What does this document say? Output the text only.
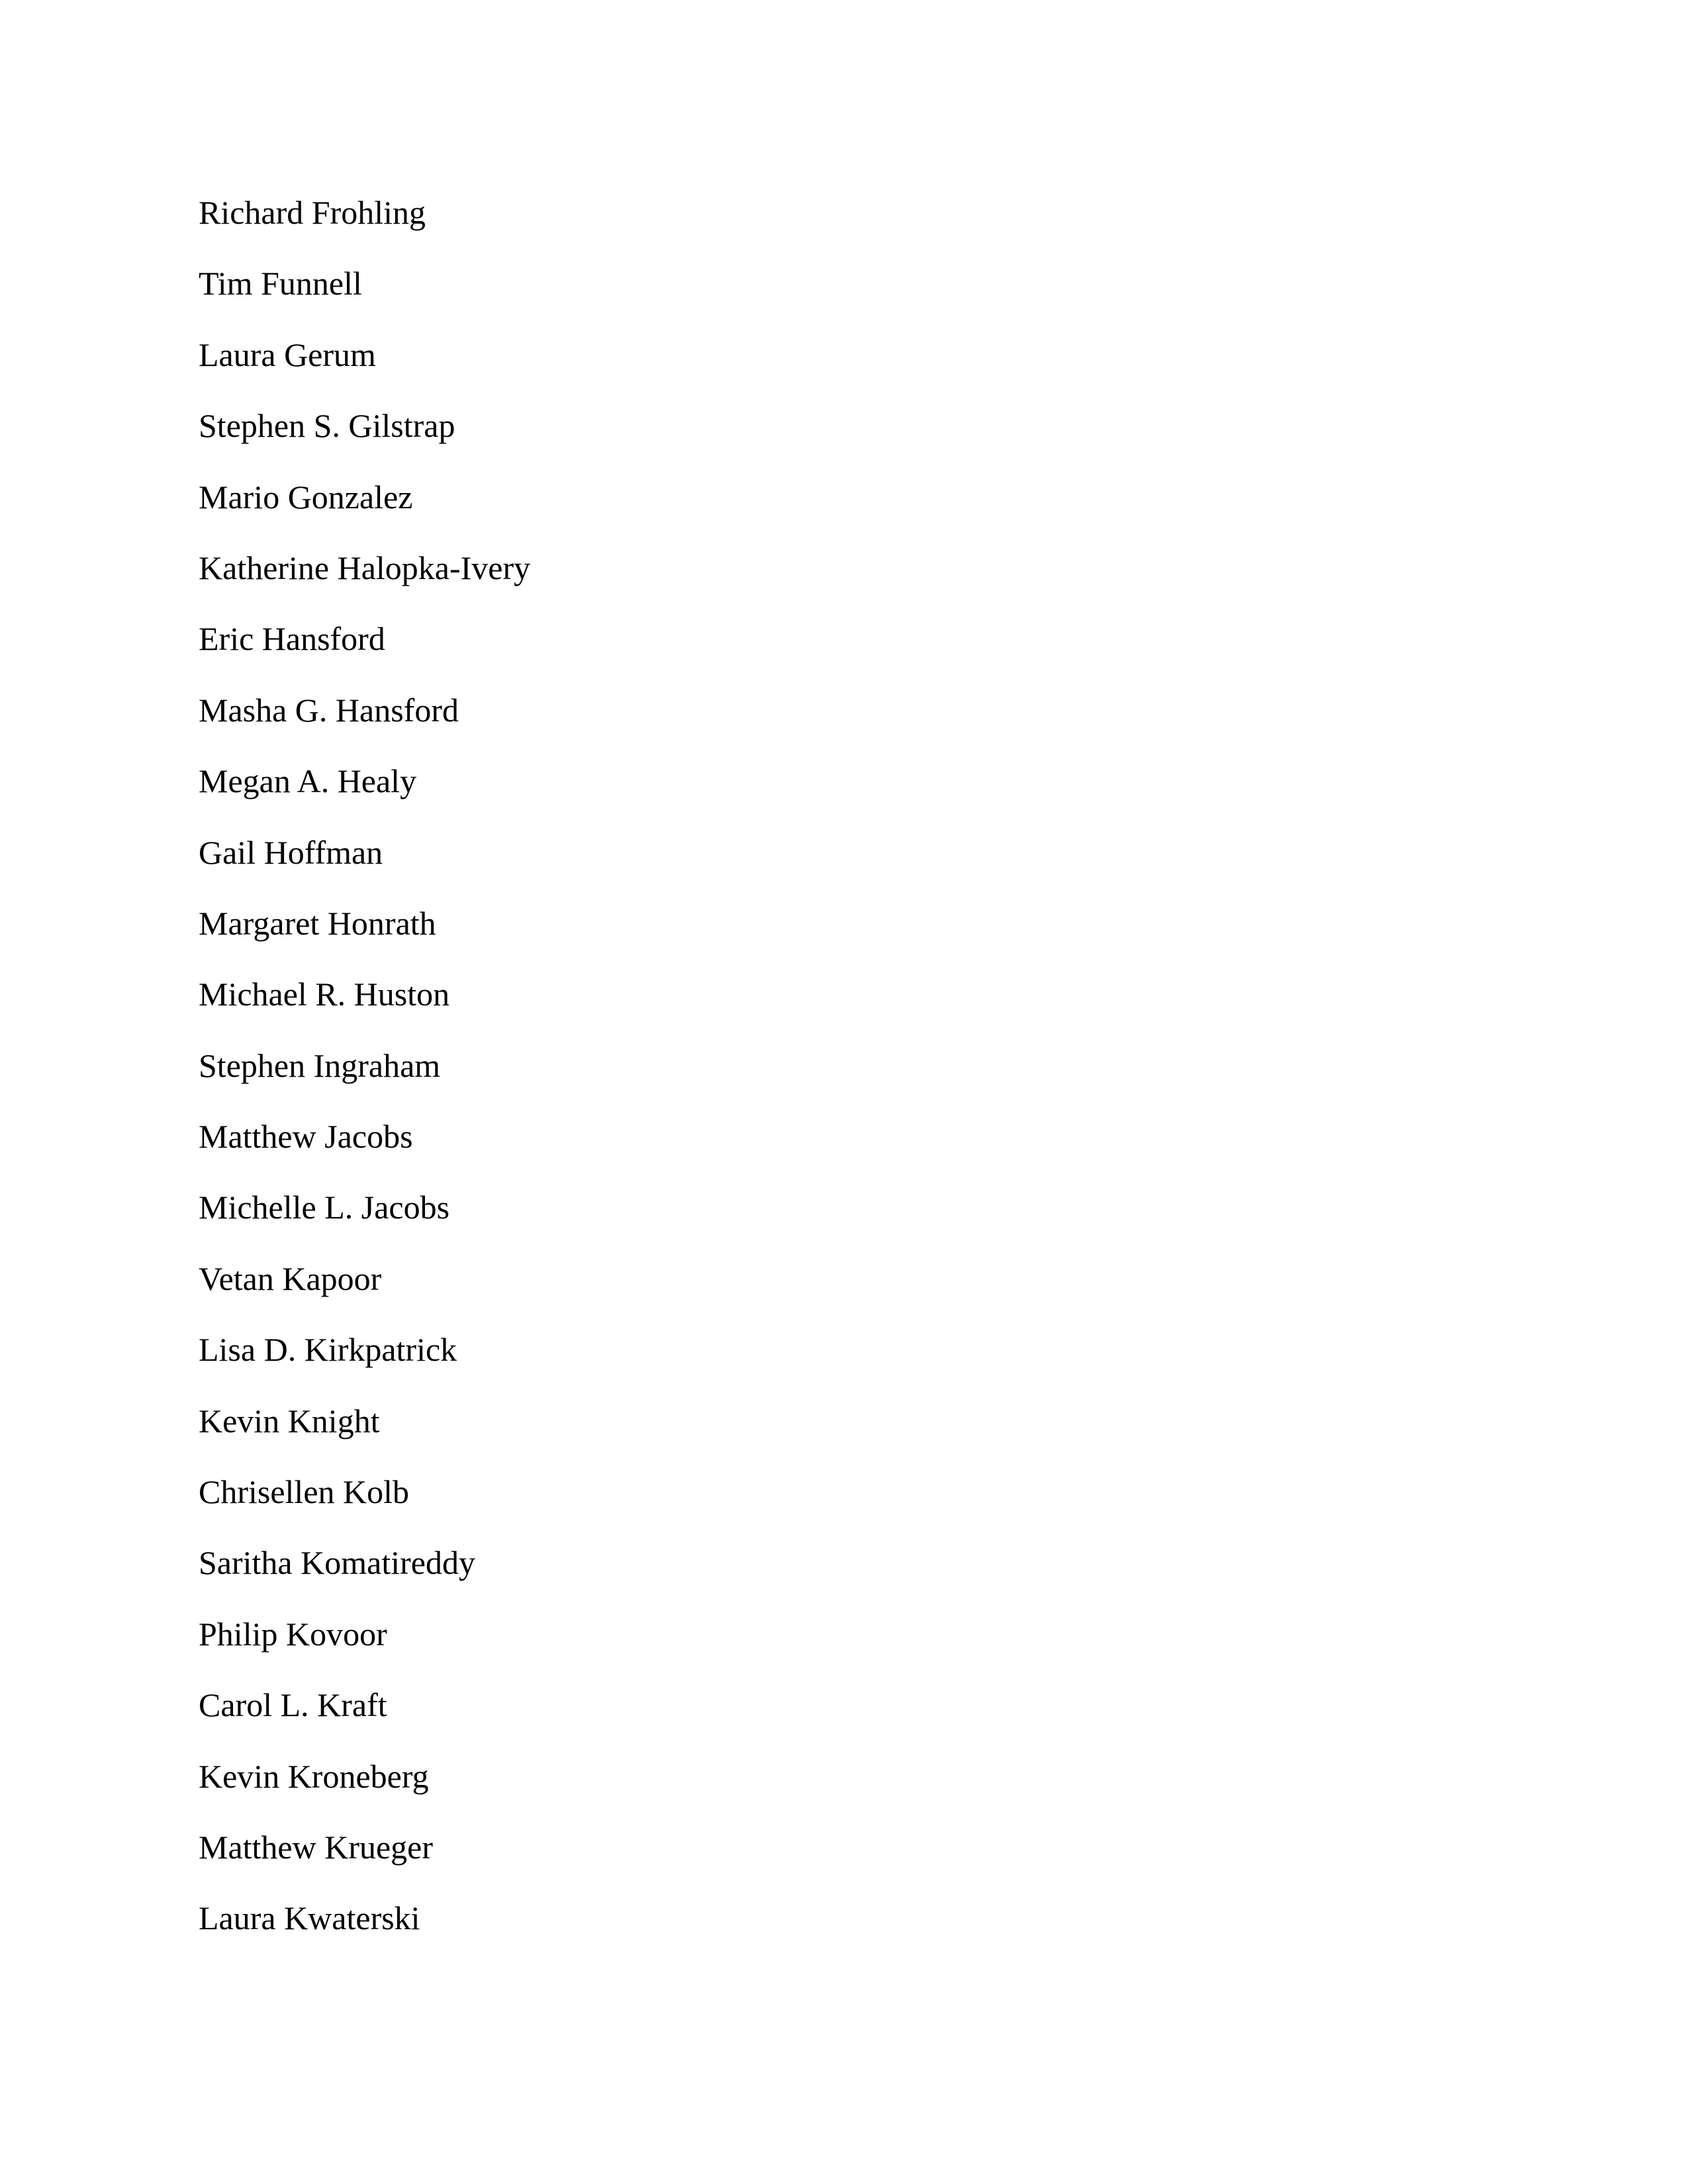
Richard Frohling
Tim Funnell
Laura Gerum
Stephen S. Gilstrap
Mario Gonzalez
Katherine Halopka-Ivery
Eric Hansford
Masha G. Hansford
Megan A. Healy
Gail Hoffman
Margaret Honrath
Michael R. Huston
Stephen Ingraham
Matthew Jacobs
Michelle L. Jacobs
Vetan Kapoor
Lisa D. Kirkpatrick
Kevin Knight
Chrisellen Kolb
Saritha Komatireddy
Philip Kovoor
Carol L. Kraft
Kevin Kroneberg
Matthew Krueger
Laura Kwaterski
